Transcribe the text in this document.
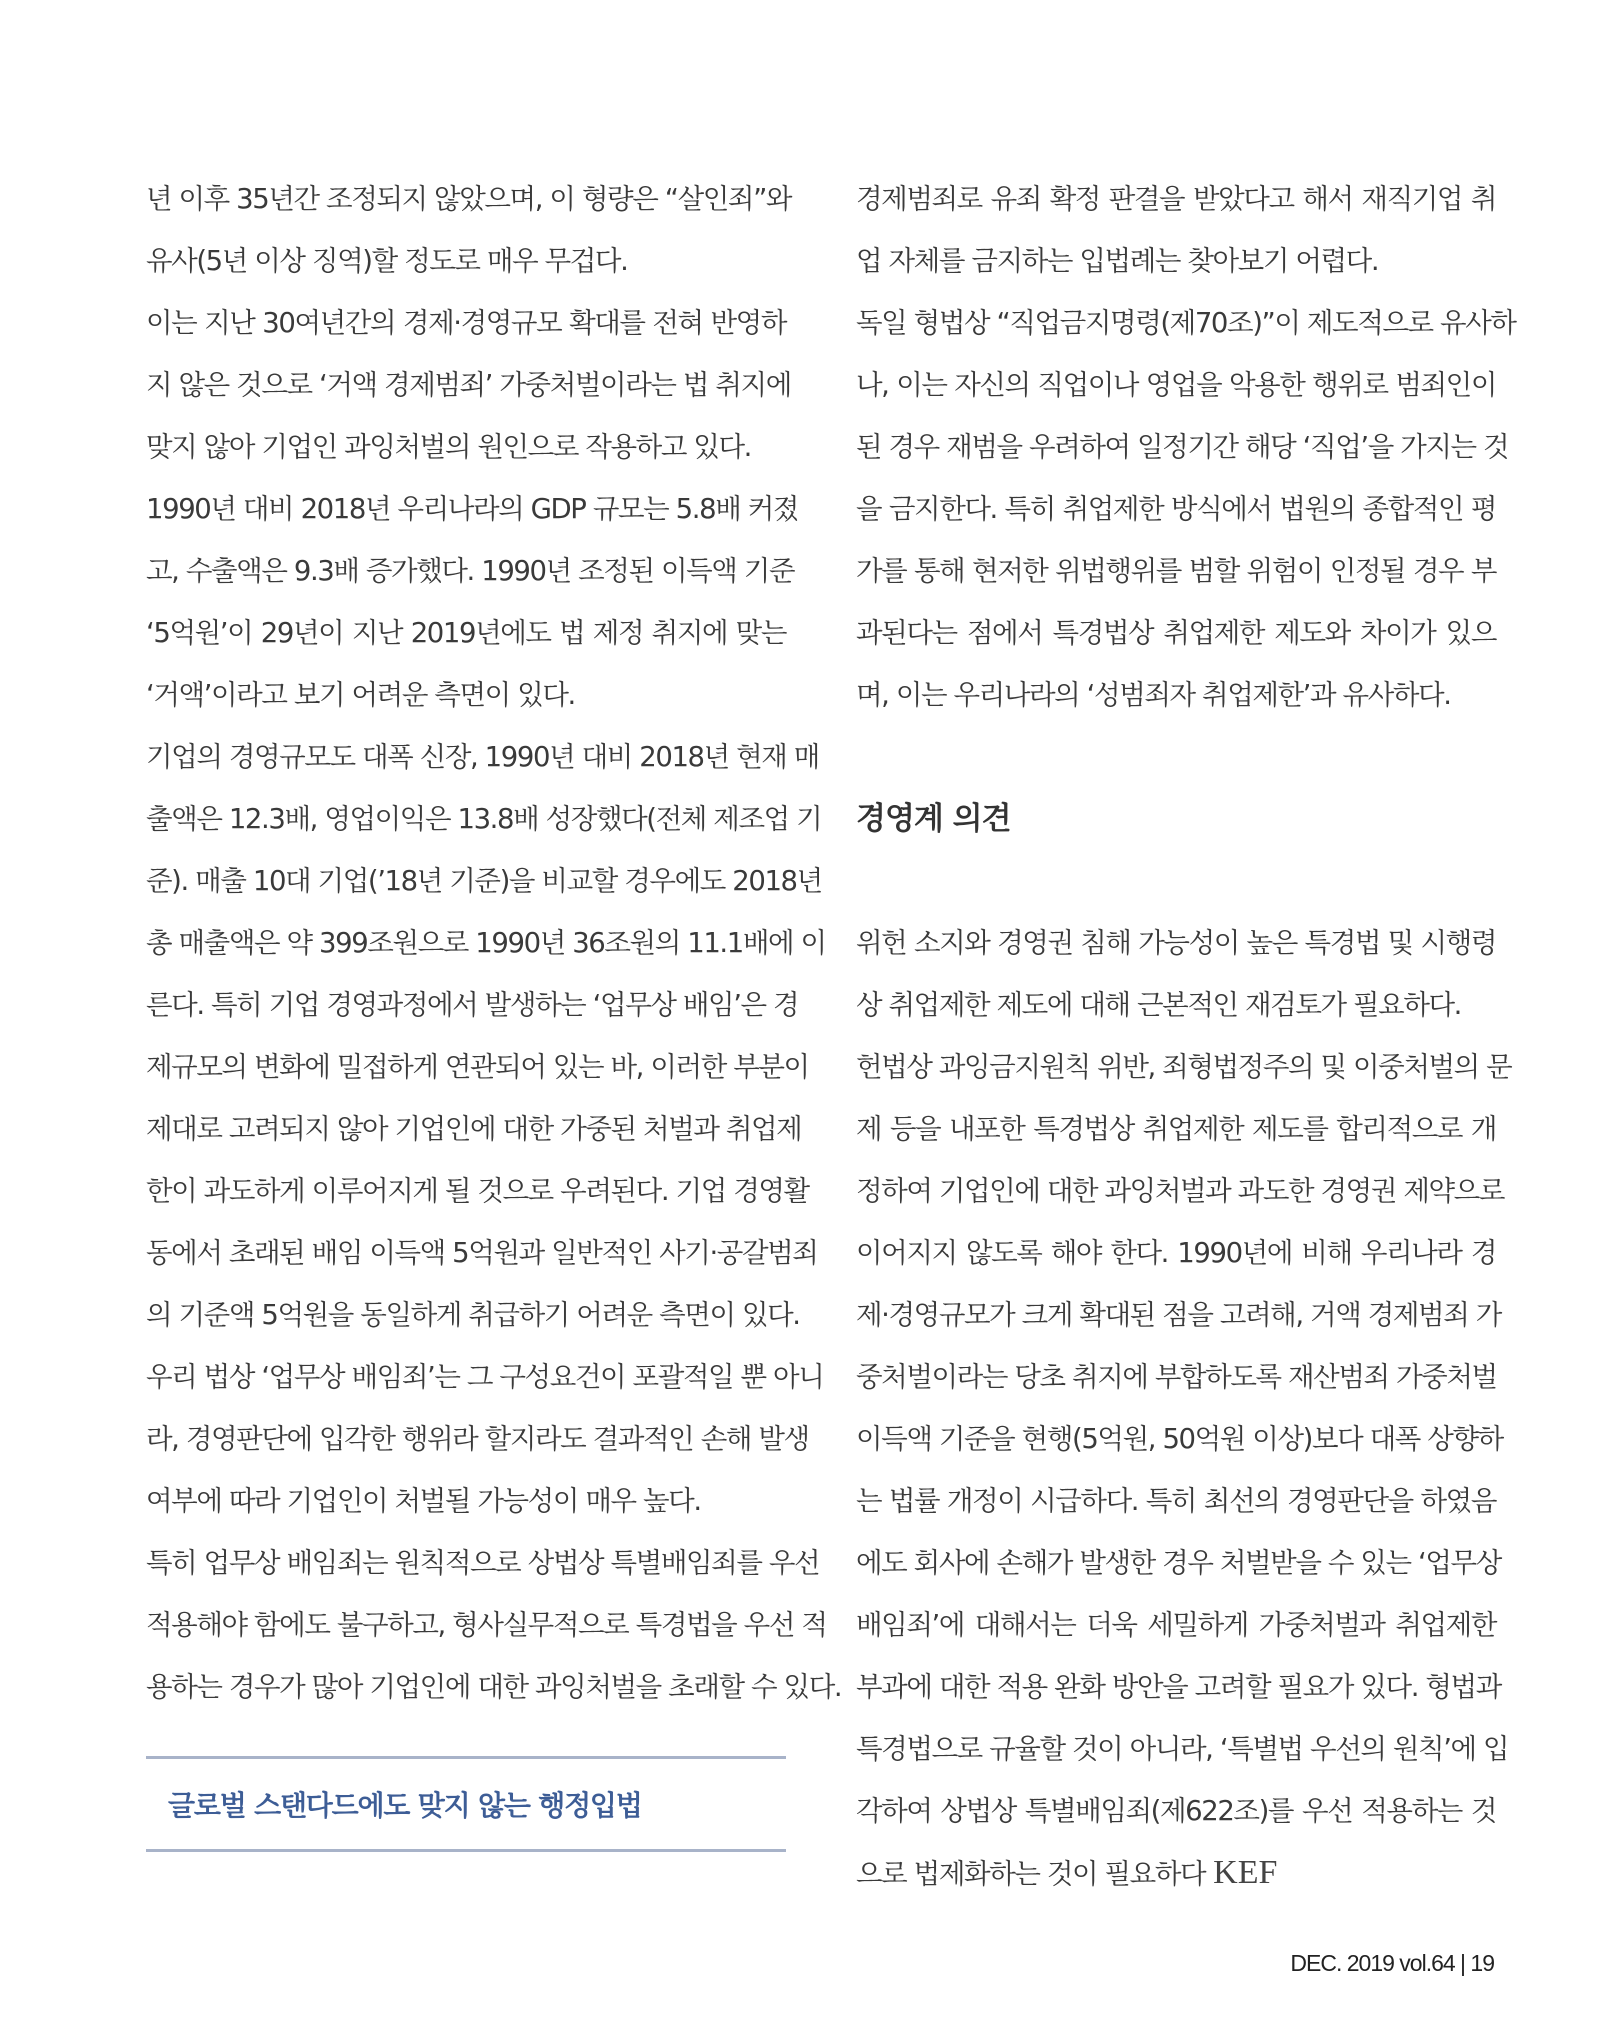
년 이후 35년간 조정되지 않았으며, 이 형량은 “살인죄”와
유사(5년 이상 징역)할 정도로 매우 무겁다.
이는 지난 30여년간의 경제·경영규모 확대를 전혀 반영하
지 않은 것으로 ‘거액 경제범죄’ 가중처벌이라는 법 취지에
맞지 않아 기업인 과잉처벌의 원인으로 작용하고 있다.
1990년 대비 2018년 우리나라의 GDP 규모는 5.8배 커졌
고, 수출액은 9.3배 증가했다. 1990년 조정된 이득액 기준
‘5억원’이 29년이 지난 2019년에도 법 제정 취지에 맞는
‘거액’이라고 보기 어려운 측면이 있다.
기업의 경영규모도 대폭 신장, 1990년 대비 2018년 현재 매
출액은 12.3배, 영업이익은 13.8배 성장했다(전체 제조업 기
준). 매출 10대 기업(’18년 기준)을 비교할 경우에도 2018년
총 매출액은 약 399조원으로 1990년 36조원의 11.1배에 이
른다. 특히 기업 경영과정에서 발생하는 ‘업무상 배임’은 경
제규모의 변화에 밀접하게 연관되어 있는 바, 이러한 부분이
제대로 고려되지 않아 기업인에 대한 가중된 처벌과 취업제
한이 과도하게 이루어지게 될 것으로 우려된다. 기업 경영활
동에서 초래된 배임 이득액 5억원과 일반적인 사기·공갈범죄
의 기준액 5억원을 동일하게 취급하기 어려운 측면이 있다.
우리 법상 ‘업무상 배임죄’는 그 구성요건이 포괄적일 뿐 아니
라, 경영판단에 입각한 행위라 할지라도 결과적인 손해 발생
여부에 따라 기업인이 처벌될 가능성이 매우 높다.
특히 업무상 배임죄는 원칙적으로 상법상 특별배임죄를 우선
적용해야 함에도 불구하고, 형사실무적으로 특경법을 우선 적
용하는 경우가 많아 기업인에 대한 과잉처벌을 초래할 수 있다.
글로벌 스탠다드에도 맞지 않는 행정입법
경제범죄로 유죄 확정 판결을 받았다고 해서 재직기업 취
업 자체를 금지하는 입법례는 찾아보기 어렵다.
독일 형법상 “직업금지명령(제70조)”이 제도적으로 유사하
나, 이는 자신의 직업이나 영업을 악용한 행위로 범죄인이
된 경우 재범을 우려하여 일정기간 해당 ‘직업’을 가지는 것
을 금지한다. 특히 취업제한 방식에서 법원의 종합적인 평
가를 통해 현저한 위법행위를 범할 위험이 인정될 경우 부
과된다는 점에서 특경법상 취업제한 제도와 차이가 있으
며, 이는 우리나라의 ‘성범죄자 취업제한’과 유사하다.
경영계 의견
위헌 소지와 경영권 침해 가능성이 높은 특경법 및 시행령
상 취업제한 제도에 대해 근본적인 재검토가 필요하다.
헌법상 과잉금지원칙 위반, 죄형법정주의 및 이중처벌의 문
제 등을 내포한 특경법상 취업제한 제도를 합리적으로 개
정하여 기업인에 대한 과잉처벌과 과도한 경영권 제약으로
이어지지 않도록 해야 한다. 1990년에 비해 우리나라 경
제·경영규모가 크게 확대된 점을 고려해, 거액 경제범죄 가
중처벌이라는 당초 취지에 부합하도록 재산범죄 가중처벌
이득액 기준을 현행(5억원, 50억원 이상)보다 대폭 상향하
는 법률 개정이 시급하다. 특히 최선의 경영판단을 하였음
에도 회사에 손해가 발생한 경우 처벌받을 수 있는 ‘업무상
배임죄’에 대해서는 더욱 세밀하게 가중처벌과 취업제한
부과에 대한 적용 완화 방안을 고려할 필요가 있다. 형법과
특경법으로 규율할 것이 아니라, ‘특별법 우선의 원칙’에 입
각하여 상법상 특별배임죄(제622조)를 우선 적용하는 것
으로 법제화하는 것이 필요하다 KEF
DEC. 2019 vol.64 | 19
